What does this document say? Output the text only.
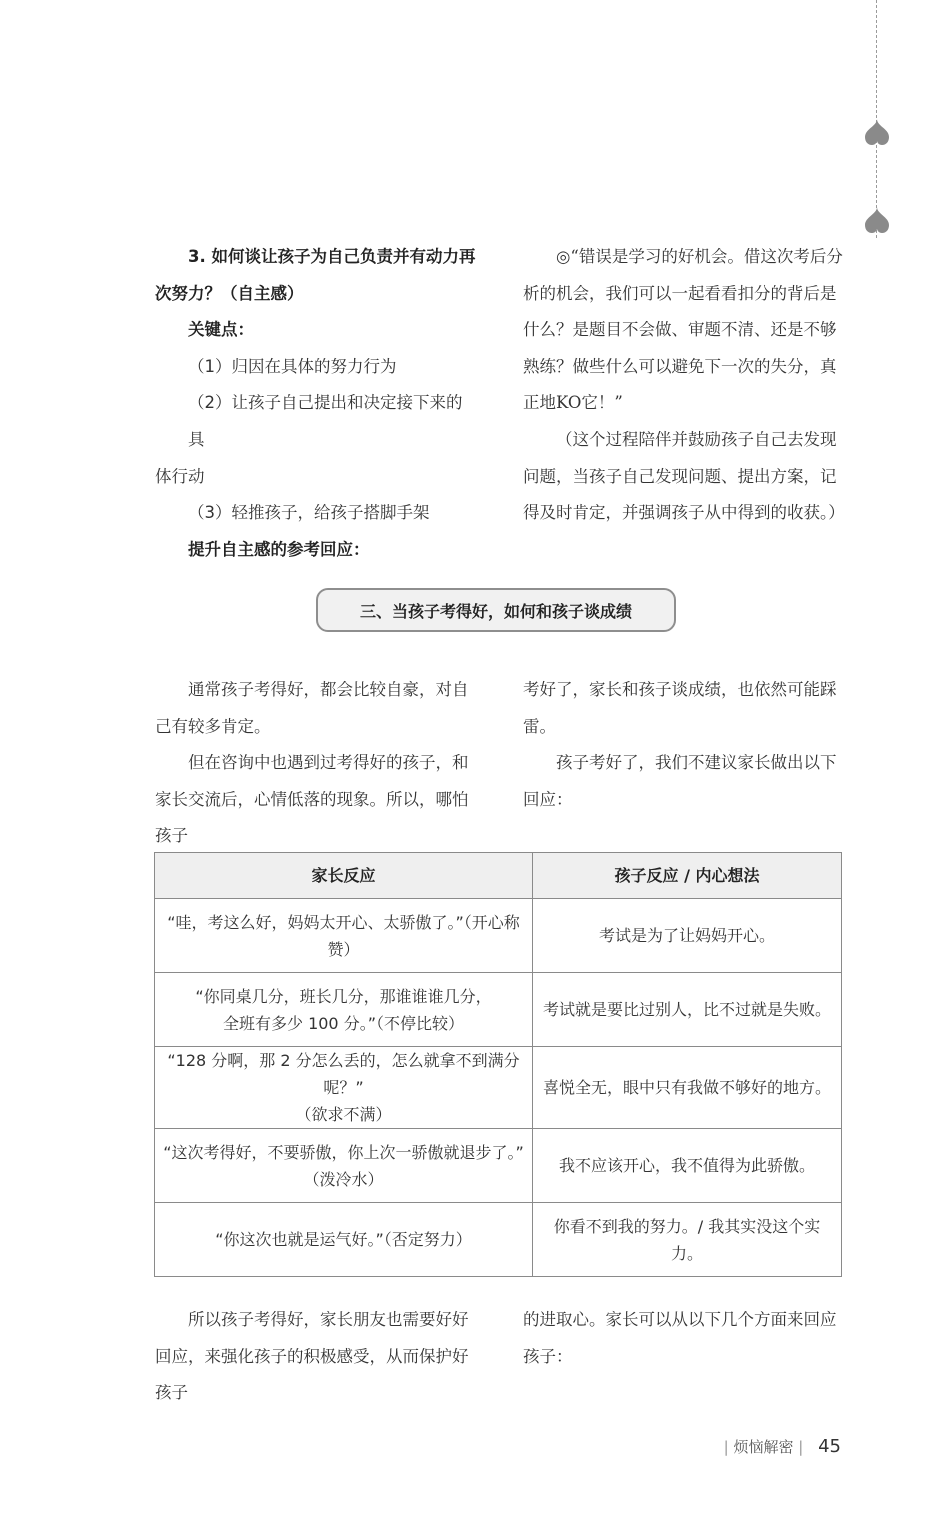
3. 如何谈让孩子为自己负责并有动力再

次努力？（自主感）

关键点：

（1）归因在具体的努力行为

（2）让孩子自己提出和决定接下来的具

体行动

（3）轻推孩子，给孩子搭脚手架

提升自主感的参考回应：

◎“错误是学习的好机会。借这次考后分析的机会，我们可以一起看看扣分的背后是什么？是题目不会做、审题不清、还是不够熟练？做些什么可以避免下一次的失分，真正地KO它！”

（这个过程陪伴并鼓励孩子自己去发现问题，当孩子自己发现问题、提出方案，记得及时肯定，并强调孩子从中得到的收获。）

三、当孩子考得好，如何和孩子谈成绩

通常孩子考得好，都会比较自豪，对自己有较多肯定。

但在咨询中也遇到过考得好的孩子，和家长交流后，心情低落的现象。所以，哪怕孩子

考好了，家长和孩子谈成绩，也依然可能踩雷。

孩子考好了，我们不建议家长做出以下回应：

家长反应	孩子反应 / 内心想法
“哇，考这么好，妈妈太开心、太骄傲了。”（开心称赞）	考试是为了让妈妈开心。
“你同桌几分，班长几分，那谁谁谁几分，
全班有多少 100 分。”（不停比较）	考试就是要比过别人，比不过就是失败。
“128 分啊，那 2 分怎么丢的，怎么就拿不到满分呢？”
（欲求不满）	喜悦全无，眼中只有我做不够好的地方。
“这次考得好，不要骄傲，你上次一骄傲就退步了。”
（泼冷水）	我不应该开心，我不值得为此骄傲。
“你这次也就是运气好。”（否定努力）	你看不到我的努力。/ 我其实没这个实力。

所以孩子考得好，家长朋友也需要好好回应，来强化孩子的积极感受，从而保护好孩子

的进取心。家长可以从以下几个方面来回应孩子：

| 烦恼解密 | 45
